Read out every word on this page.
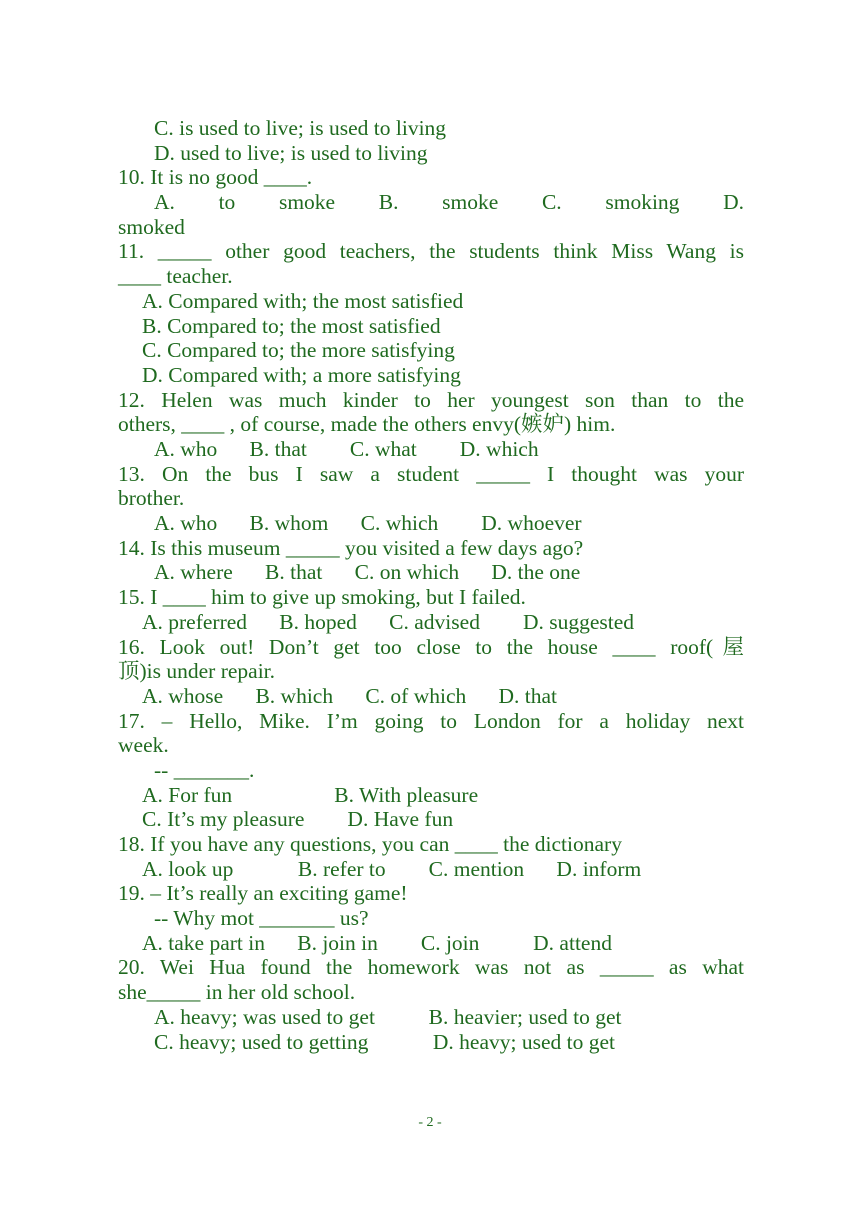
C. is used to live; is used to living
D. used to live; is used to living
10. It is no good ____.
A. to smoke B. smoke C. smoking D.
smoked
11. _____ other good teachers, the students think Miss Wang is
____ teacher.
A. Compared with; the most satisfied
B. Compared to; the most satisfied
C. Compared to; the more satisfying
D. Compared with; a more satisfying
12. Helen was much kinder to her youngest son than to the
others, ____ , of course, made the others envy(嫉妒) him.
A. who      B. that        C. what        D. which
13. On the bus I saw a student _____ I thought was your
brother.
A. who      B. whom      C. which        D. whoever
14. Is this museum _____ you visited a few days ago?
A. where      B. that      C. on which      D. the one
15. I ____ him to give up smoking, but I failed.
A. preferred      B. hoped      C. advised        D. suggested
16. Look out! Don’t get too close to the house ____ roof(屋
顶)is under repair.
A. whose      B. which      C. of which      D. that
17. – Hello, Mike. I’m going to London for a holiday next
week.
-- _______.
A. For fun                   B. With pleasure
C. It’s my pleasure        D. Have fun
18. If you have any questions, you can ____ the dictionary
A. look up            B. refer to        C. mention      D. inform
19. – It’s really an exciting game!
-- Why mot _______ us?
A. take part in      B. join in        C. join          D. attend
20. Wei Hua found the homework was not as _____ as what
she_____ in her old school.
A. heavy; was used to get          B. heavier; used to get
C. heavy; used to getting            D. heavy; used to get
- 2 -
